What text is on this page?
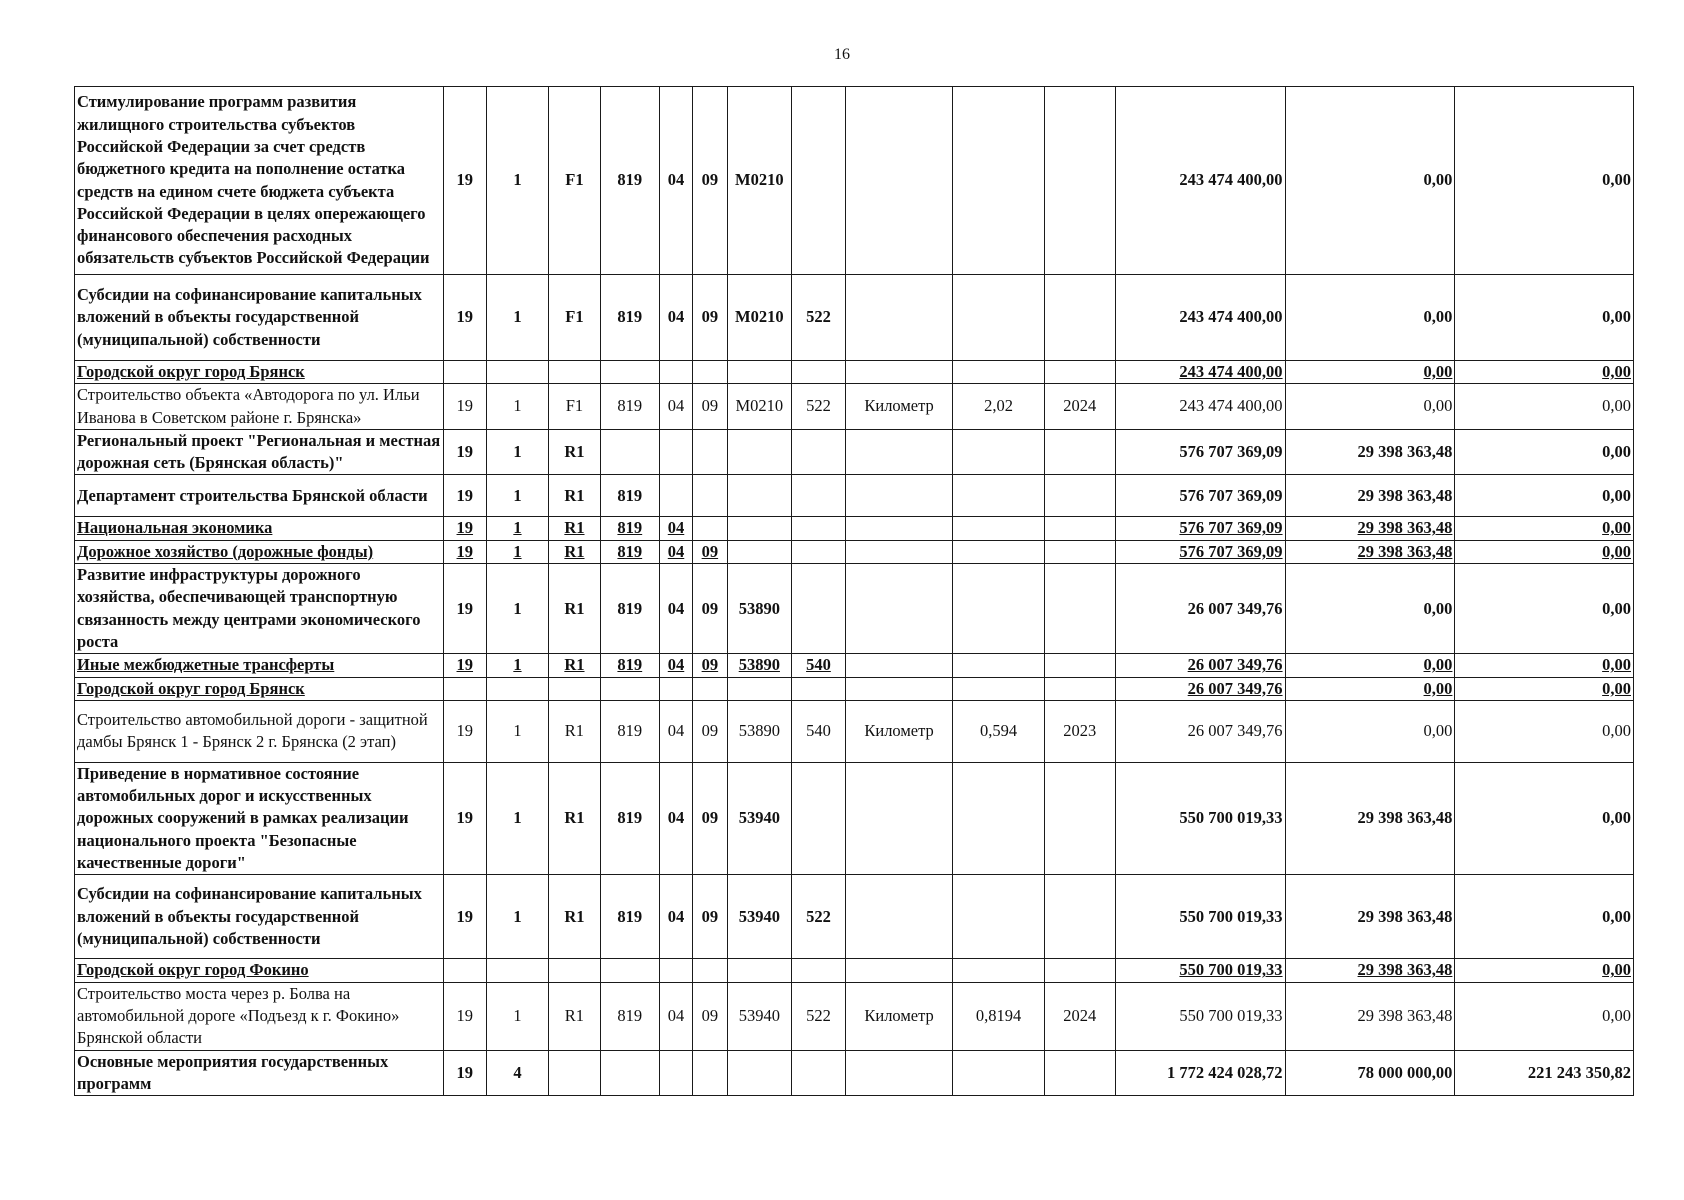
16
Стимулирование программ развития жилищного строительства субъектов Российской Федерации за счет средств бюджетного кредита на пополнение остатка средств на едином счете бюджета субъекта Российской Федерации в целях опережающего финансового обеспечения расходных обязательств субъектов Российской Федерации	19	1	F1	819	04	09	M0210					243 474 400,00	0,00	0,00
Субсидии на софинансирование капитальных вложений в объекты государственной (муниципальной) собственности	19	1	F1	819	04	09	M0210	522				243 474 400,00	0,00	0,00
Городской округ город Брянск												243 474 400,00	0,00	0,00
Строительство объекта «Автодорога по ул. Ильи Иванова в Советском районе г. Брянска»	19	1	F1	819	04	09	M0210	522	Километр	2,02	2024	243 474 400,00	0,00	0,00
Региональный проект "Региональная и местная дорожная сеть (Брянская область)"	19	1	R1									576 707 369,09	29 398 363,48	0,00
Департамент строительства Брянской области	19	1	R1	819								576 707 369,09	29 398 363,48	0,00
Национальная экономика	19	1	R1	819	04							576 707 369,09	29 398 363,48	0,00
Дорожное хозяйство (дорожные фонды)	19	1	R1	819	04	09						576 707 369,09	29 398 363,48	0,00
Развитие инфраструктуры дорожного хозяйства, обеспечивающей транспортную связанность между центрами экономического роста	19	1	R1	819	04	09	53890					26 007 349,76	0,00	0,00
Иные межбюджетные трансферты	19	1	R1	819	04	09	53890	540				26 007 349,76	0,00	0,00
Городской округ город Брянск												26 007 349,76	0,00	0,00
Строительство автомобильной дороги - защитной дамбы Брянск 1 - Брянск 2 г. Брянска (2 этап)	19	1	R1	819	04	09	53890	540	Километр	0,594	2023	26 007 349,76	0,00	0,00
Приведение в нормативное состояние автомобильных дорог и искусственных дорожных сооружений в рамках реализации национального проекта "Безопасные качественные дороги"	19	1	R1	819	04	09	53940					550 700 019,33	29 398 363,48	0,00
Субсидии на софинансирование капитальных вложений в объекты государственной (муниципальной) собственности	19	1	R1	819	04	09	53940	522				550 700 019,33	29 398 363,48	0,00
Городской округ город Фокино												550 700 019,33	29 398 363,48	0,00
Строительство моста через р. Болва на автомобильной дороге «Подъезд к г. Фокино» Брянской области	19	1	R1	819	04	09	53940	522	Километр	0,8194	2024	550 700 019,33	29 398 363,48	0,00
Основные мероприятия государственных программ	19	4										1 772 424 028,72	78 000 000,00	221 243 350,82
